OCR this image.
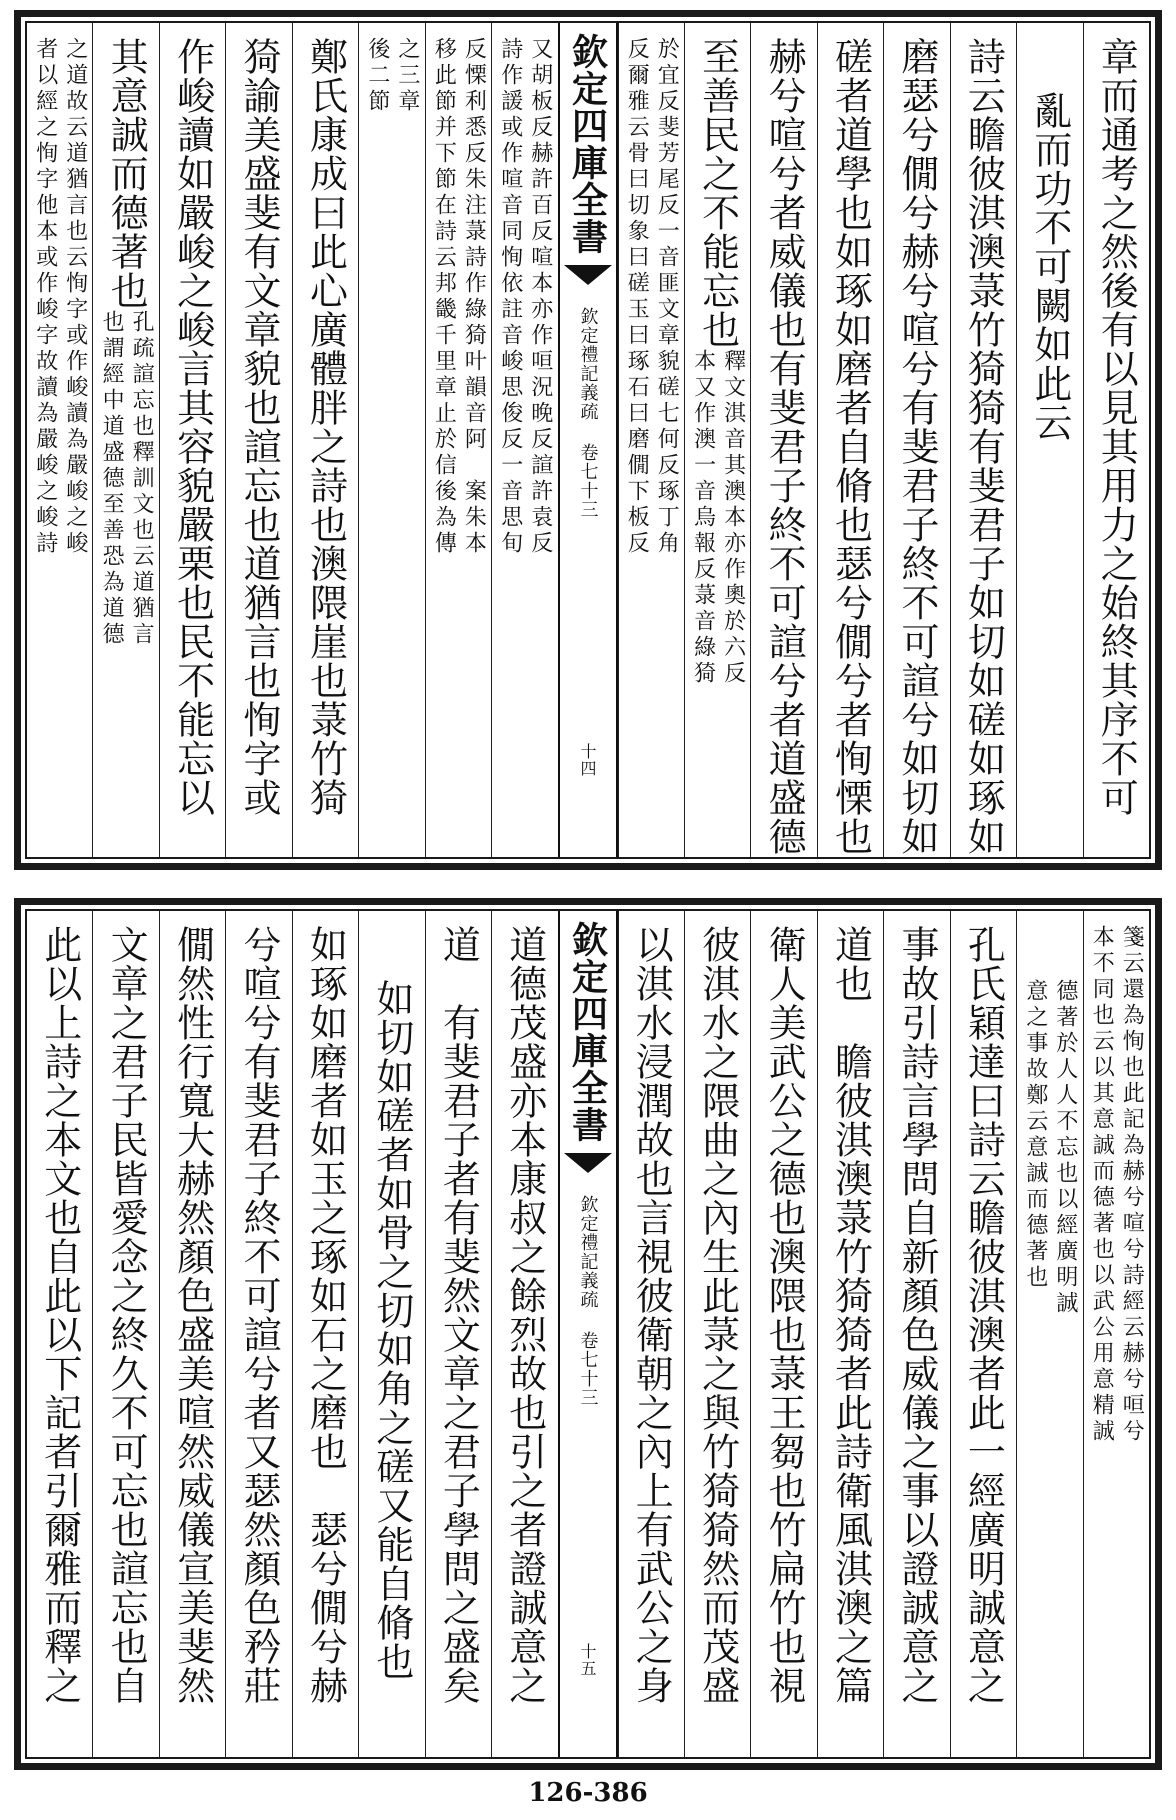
章而通考之然後有以見其用力之始終其序不可
亂而功不可闕如此云
詩云瞻彼淇澳菉竹猗猗有斐君子如切如磋如琢如
磨瑟兮僩兮赫兮喧兮有斐君子終不可諠兮如切如
磋者道學也如琢如磨者自脩也瑟兮僩兮者恂慄也
赫兮喧兮者威儀也有斐君子終不可諠兮者道盛德
至善民之不能忘也
釋文淇音其澳本亦作奧於六反
本又作澳一音烏報反菉音綠猗
於宜反斐芳尾反一音匪文章貌磋七何反琢丁角
反爾雅云骨曰切象曰磋玉曰琢石曰磨僩下板反
欽定四庫全書
欽定禮記義疏
卷七十三
十四
又胡板反赫許百反喧本亦作咺況晚反諠許袁反
詩作諼或作喧音同恂依註音峻思俊反一音思旬
反慄利悉反朱注菉詩作綠猗叶韻音阿　案朱本
移此節并下節在詩云邦畿千里章止於信後為傳
之三章
後二節
鄭氏康成曰此心廣體胖之詩也澳隈崖也菉竹猗
猗諭美盛斐有文章貌也諠忘也道猶言也恂字或
作峻讀如嚴峻之峻言其容貌嚴栗也民不能忘以
其意誠而德著也
孔疏諠忘也釋訓文也云道猶言
也謂經中道盛德至善恐為道德
之道故云道猶言也云恂字或作峻讀為嚴峻之峻
者以經之恂字他本或作峻字故讀為嚴峻之峻詩
箋云還為恂也此記為赫兮喧兮詩經云赫兮咺兮
本不同也云以其意誠而德著也以武公用意精誠
德著於人人不忘也以經廣明誠
意之事故鄭云意誠而德著也
孔氏穎達曰詩云瞻彼淇澳者此一經廣明誠意之
事故引詩言學問自新顏色威儀之事以證誠意之
道也　瞻彼淇澳菉竹猗猗者此詩衛風淇澳之篇
衛人美武公之德也澳隈也菉王芻也竹扁竹也視
彼淇水之隈曲之內生此菉之與竹猗猗然而茂盛
以淇水浸潤故也言視彼衛朝之內上有武公之身
欽定四庫全書
欽定禮記義疏
卷七十三
十五
道德茂盛亦本康叔之餘烈故也引之者證誠意之
道　有斐君子者有斐然文章之君子學問之盛矣
如切如磋者如骨之切如角之磋又能自脩也
如琢如磨者如玉之琢如石之磨也　瑟兮僩兮赫
兮喧兮有斐君子終不可諠兮者又瑟然顏色矜莊
僩然性行寬大赫然顏色盛美喧然威儀宣美斐然
文章之君子民皆愛念之終久不可忘也諠忘也自
此以上詩之本文也自此以下記者引爾雅而釋之
126-386
